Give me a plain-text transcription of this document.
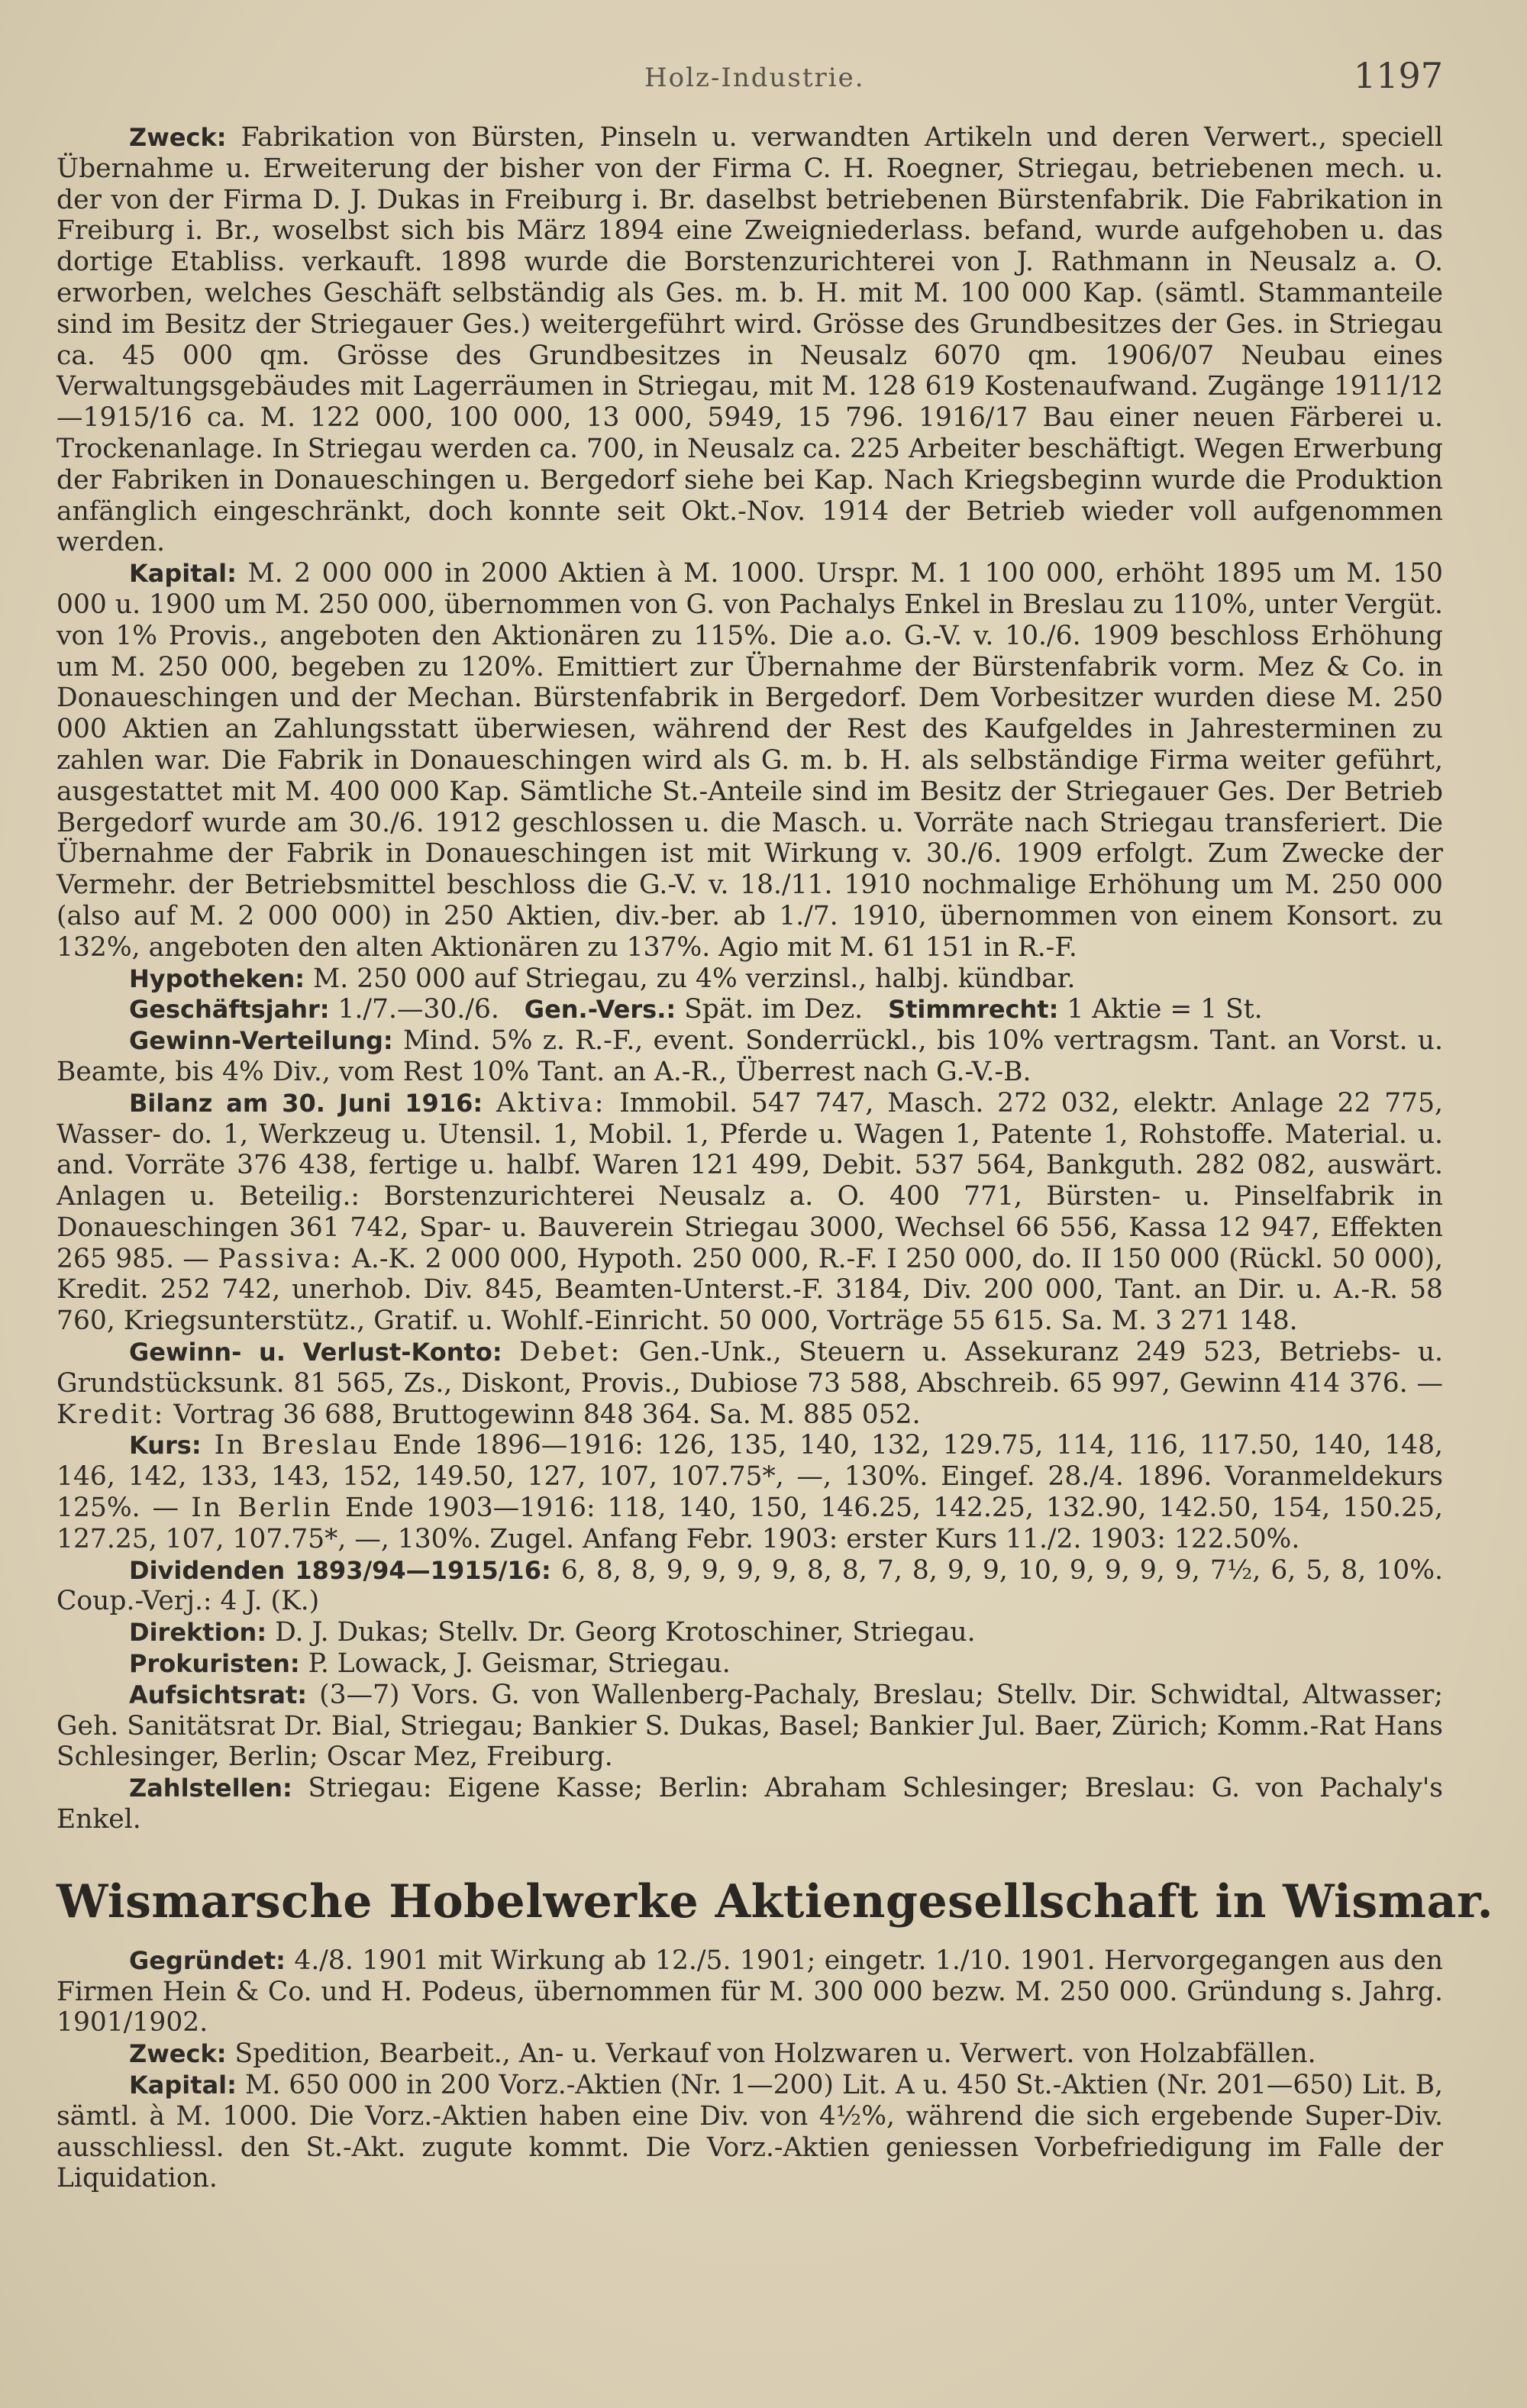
Holz-Industrie.	1197

Zweck: Fabrikation von Bürsten, Pinseln u. verwandten Artikeln und deren Verwert., speciell Übernahme u. Erweiterung der bisher von der Firma C. H. Roegner, Striegau, betriebenen mech. u. der von der Firma D. J. Dukas in Freiburg i. Br. daselbst betriebenen Bürstenfabrik. Die Fabrikation in Freiburg i. Br., woselbst sich bis März 1894 eine Zweigniederlass. befand, wurde aufgehoben u. das dortige Etabliss. verkauft. 1898 wurde die Borstenzurichterei von J. Rathmann in Neusalz a. O. erworben, welches Geschäft selbständig als Ges. m. b. H. mit M. 100 000 Kap. (sämtl. Stammanteile sind im Besitz der Striegauer Ges.) weitergeführt wird. Grösse des Grundbesitzes der Ges. in Striegau ca. 45 000 qm. Grösse des Grundbesitzes in Neusalz 6070 qm. 1906/07 Neubau eines Verwaltungsgebäudes mit Lagerräumen in Striegau, mit M. 128 619 Kostenaufwand. Zugänge 1911/12—1915/16 ca. M. 122 000, 100 000, 13 000, 5949, 15 796. 1916/17 Bau einer neuen Färberei u. Trockenanlage. In Striegau werden ca. 700, in Neusalz ca. 225 Arbeiter beschäftigt. Wegen Erwerbung der Fabriken in Donaueschingen u. Bergedorf siehe bei Kap. Nach Kriegsbeginn wurde die Produktion anfänglich eingeschränkt, doch konnte seit Okt.-Nov. 1914 der Betrieb wieder voll aufgenommen werden.

Kapital: M. 2 000 000 in 2000 Aktien à M. 1000. Urspr. M. 1 100 000, erhöht 1895 um M. 150 000 u. 1900 um M. 250 000, übernommen von G. von Pachalys Enkel in Breslau zu 110%, unter Vergüt. von 1% Provis., angeboten den Aktionären zu 115%. Die a.o. G.-V. v. 10./6. 1909 beschloss Erhöhung um M. 250 000, begeben zu 120%. Emittiert zur Übernahme der Bürstenfabrik vorm. Mez & Co. in Donaueschingen und der Mechan. Bürstenfabrik in Bergedorf. Dem Vorbesitzer wurden diese M. 250 000 Aktien an Zahlungsstatt überwiesen, während der Rest des Kaufgeldes in Jahresterminen zu zahlen war. Die Fabrik in Donaueschingen wird als G. m. b. H. als selbständige Firma weiter geführt, ausgestattet mit M. 400 000 Kap. Sämtliche St.-Anteile sind im Besitz der Striegauer Ges. Der Betrieb Bergedorf wurde am 30./6. 1912 geschlossen u. die Masch. u. Vorräte nach Striegau transferiert. Die Übernahme der Fabrik in Donaueschingen ist mit Wirkung v. 30./6. 1909 erfolgt. Zum Zwecke der Vermehr. der Betriebsmittel beschloss die G.-V. v. 18./11. 1910 nochmalige Erhöhung um M. 250 000 (also auf M. 2 000 000) in 250 Aktien, div.-ber. ab 1./7. 1910, übernommen von einem Konsort. zu 132%, angeboten den alten Aktionären zu 137%. Agio mit M. 61 151 in R.-F.

Hypotheken: M. 250 000 auf Striegau, zu 4% verzinsl., halbj. kündbar.

Geschäftsjahr: 1./7.—30./6. Gen.-Vers.: Spät. im Dez. Stimmrecht: 1 Aktie = 1 St.

Gewinn-Verteilung: Mind. 5% z. R.-F., event. Sonderrückl., bis 10% vertragsm. Tant. an Vorst. u. Beamte, bis 4% Div., vom Rest 10% Tant. an A.-R., Überrest nach G.-V.-B.

Bilanz am 30. Juni 1916: Aktiva: Immobil. 547 747, Masch. 272 032, elektr. Anlage 22 775, Wasser- do. 1, Werkzeug u. Utensil. 1, Mobil. 1, Pferde u. Wagen 1, Patente 1, Rohstoffe. Material. u. and. Vorräte 376 438, fertige u. halbf. Waren 121 499, Debit. 537 564, Bankguth. 282 082, auswärt. Anlagen u. Beteilig.: Borstenzurichterei Neusalz a. O. 400 771, Bürsten- u. Pinselfabrik in Donaueschingen 361 742, Spar- u. Bauverein Striegau 3000, Wechsel 66 556, Kassa 12 947, Effekten 265 985. — Passiva: A.-K. 2 000 000, Hypoth. 250 000, R.-F. I 250 000, do. II 150 000 (Rückl. 50 000), Kredit. 252 742, unerhob. Div. 845, Beamten-Unterst.-F. 3184, Div. 200 000, Tant. an Dir. u. A.-R. 58 760, Kriegsunterstütz., Gratif. u. Wohlf.-Einricht. 50 000, Vorträge 55 615. Sa. M. 3 271 148.

Gewinn- u. Verlust-Konto: Debet: Gen.-Unk., Steuern u. Assekuranz 249 523, Betriebs- u. Grundstücksunk. 81 565, Zs., Diskont, Provis., Dubiose 73 588, Abschreib. 65 997, Gewinn 414 376. — Kredit: Vortrag 36 688, Bruttogewinn 848 364. Sa. M. 885 052.

Kurs: In Breslau Ende 1896—1916: 126, 135, 140, 132, 129.75, 114, 116, 117.50, 140, 148, 146, 142, 133, 143, 152, 149.50, 127, 107, 107.75*, —, 130%. Eingef. 28./4. 1896. Voranmeldekurs 125%. — In Berlin Ende 1903—1916: 118, 140, 150, 146.25, 142.25, 132.90, 142.50, 154, 150.25, 127.25, 107, 107.75*, —, 130%. Zugel. Anfang Febr. 1903: erster Kurs 11./2. 1903: 122.50%.

Dividenden 1893/94—1915/16: 6, 8, 8, 9, 9, 9, 9, 8, 8, 7, 8, 9, 9, 10, 9, 9, 9, 9, 7½, 6, 5, 8, 10%. Coup.-Verj.: 4 J. (K.)

Direktion: D. J. Dukas; Stellv. Dr. Georg Krotoschiner, Striegau.

Prokuristen: P. Lowack, J. Geismar, Striegau.

Aufsichtsrat: (3—7) Vors. G. von Wallenberg-Pachaly, Breslau; Stellv. Dir. Schwidtal, Altwasser; Geh. Sanitätsrat Dr. Bial, Striegau; Bankier S. Dukas, Basel; Bankier Jul. Baer, Zürich; Komm.-Rat Hans Schlesinger, Berlin; Oscar Mez, Freiburg.

Zahlstellen: Striegau: Eigene Kasse; Berlin: Abraham Schlesinger; Breslau: G. von Pachaly's Enkel.

Wismarsche Hobelwerke Aktiengesellschaft in Wismar.

Gegründet: 4./8. 1901 mit Wirkung ab 12./5. 1901; eingetr. 1./10. 1901. Hervorgegangen aus den Firmen Hein & Co. und H. Podeus, übernommen für M. 300 000 bezw. M. 250 000. Gründung s. Jahrg. 1901/1902.

Zweck: Spedition, Bearbeit., An- u. Verkauf von Holzwaren u. Verwert. von Holzabfällen.

Kapital: M. 650 000 in 200 Vorz.-Aktien (Nr. 1—200) Lit. A u. 450 St.-Aktien (Nr. 201—650) Lit. B, sämtl. à M. 1000. Die Vorz.-Aktien haben eine Div. von 4½%, während die sich ergebende Super-Div. ausschliessl. den St.-Akt. zugute kommt. Die Vorz.-Aktien geniessen Vorbefriedigung im Falle der Liquidation.
